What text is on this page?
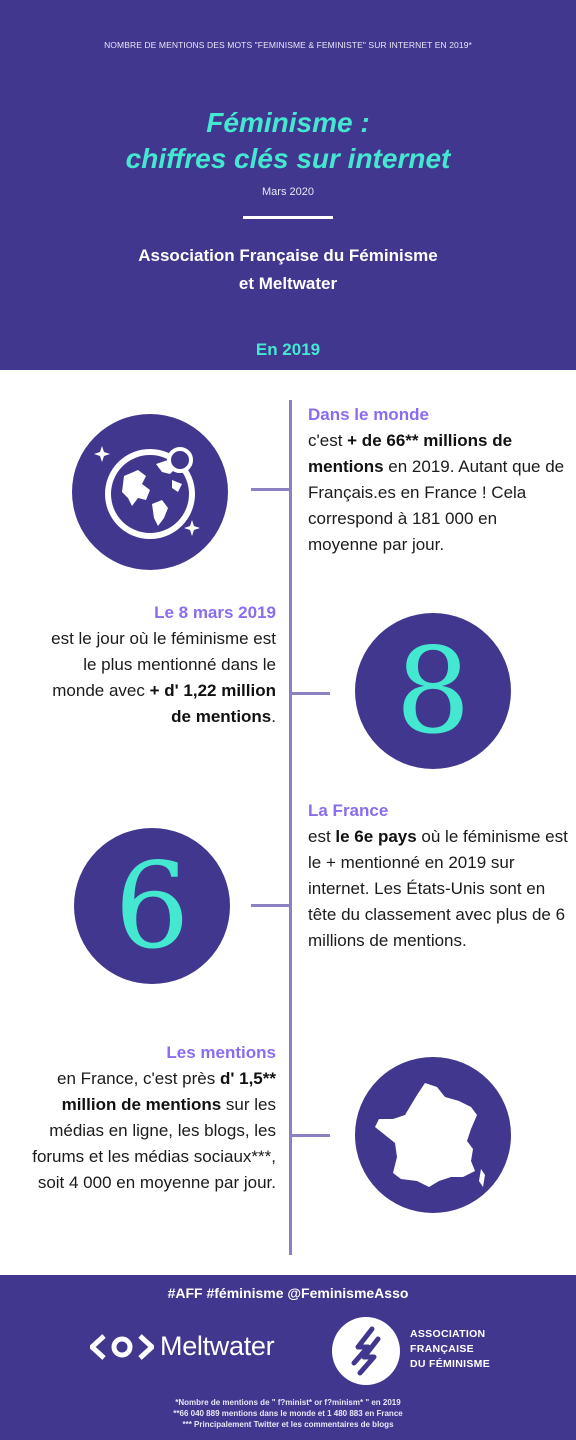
NOMBRE DE MENTIONS DES MOTS "FEMINISME & FEMINISTE" SUR INTERNET EN 2019*
Féminisme :
chiffres clés sur internet
Mars 2020
Association Française du Féminisme
et Meltwater
En 2019
Dans le monde
c'est + de 66** millions de mentions en 2019. Autant que de Français.es en France ! Cela correspond à 181 000 en moyenne par jour.
Le 8 mars 2019
est le jour où le féminisme est le plus mentionné dans le monde avec + d' 1,22 million de mentions. 8
6
La France
est le 6e pays où le féminisme est le + mentionné en 2019 sur internet. Les États-Unis sont en tête du classement avec plus de 6 millions de mentions.
Les mentions
en France, c'est près d' 1,5** million de mentions sur les médias en ligne, les blogs, les forums et les médias sociaux***, soit 4 000 en moyenne par jour.
#AFF #féminisme @FeminismeAsso
Meltwater	ASSOCIATION
FRANÇAISE
DU FÉMINISME
*Nombre de mentions de " f?minist* or f?minism* " en 2019
**66 040 889 mentions dans le monde et 1 480 883 en France
*** Principalement Twitter et les commentaires de blogs
